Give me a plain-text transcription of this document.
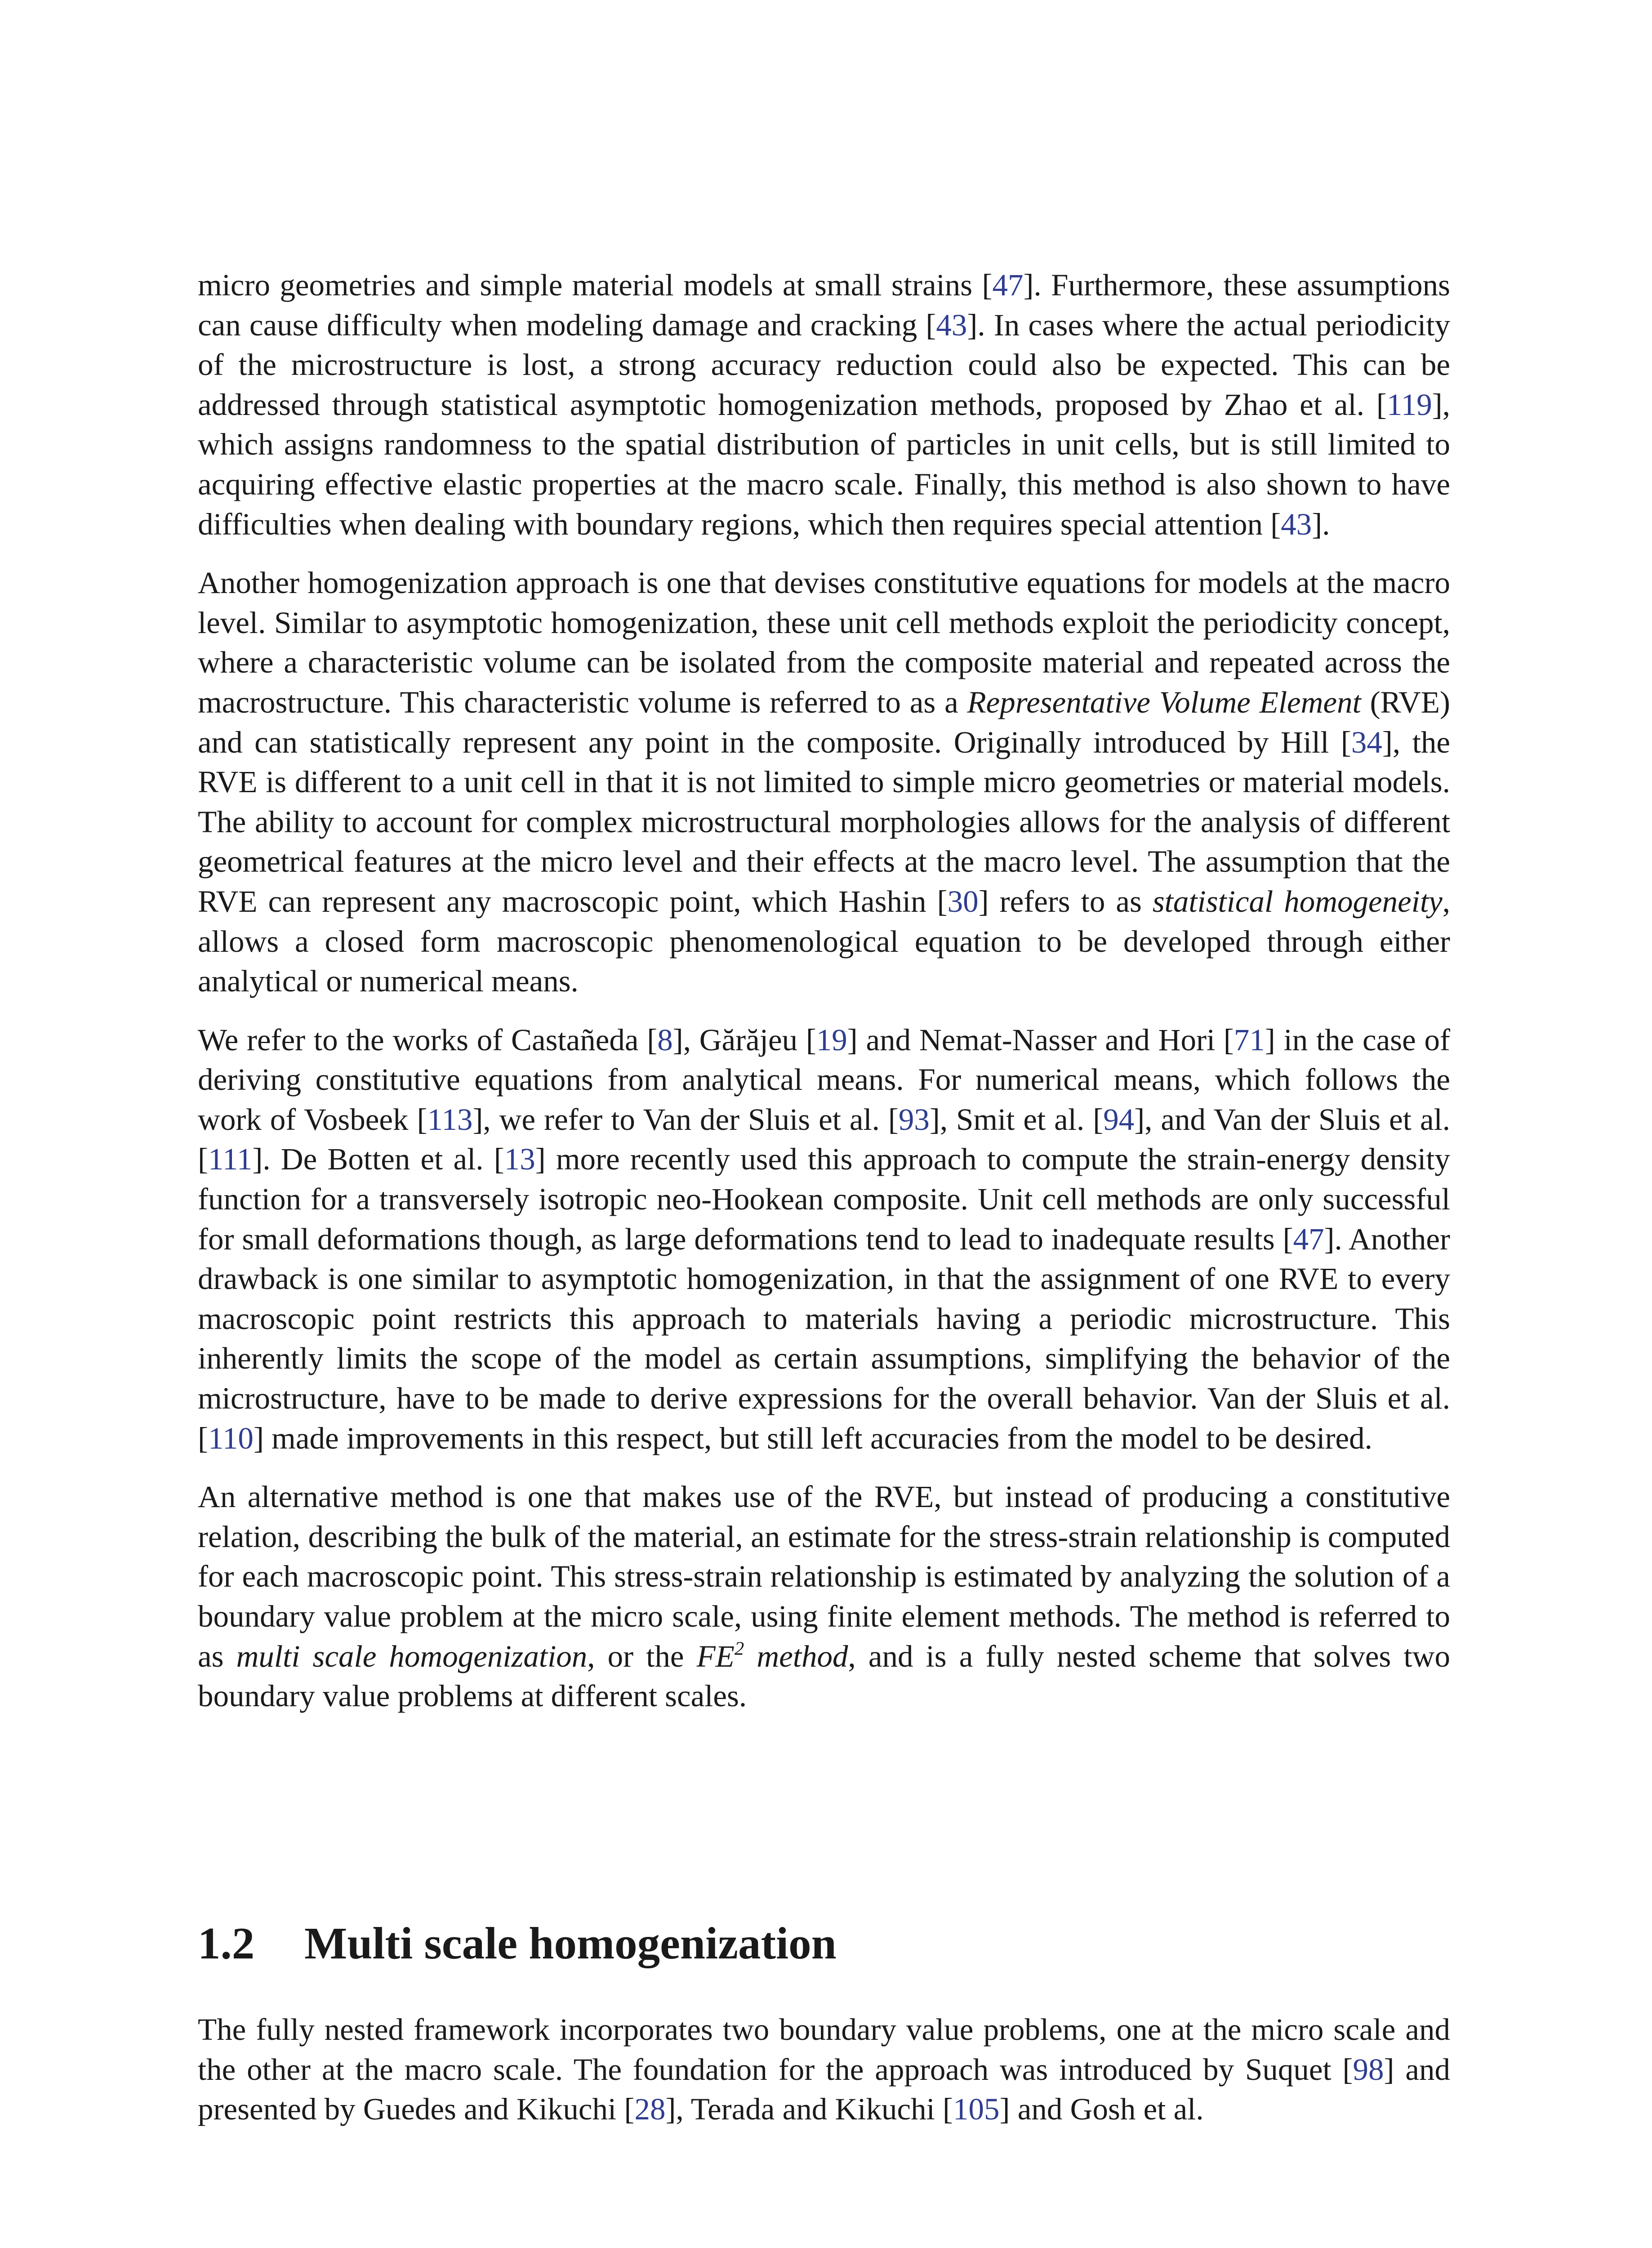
micro geometries and simple material models at small strains [47]. Furthermore, these assumptions can cause difficulty when modeling damage and cracking [43]. In cases where the actual periodicity of the microstructure is lost, a strong accuracy reduction could also be expected. This can be addressed through statistical asymptotic homogenization methods, proposed by Zhao et al. [119], which assigns randomness to the spatial distribution of particles in unit cells, but is still limited to acquiring effective elastic properties at the macro scale. Finally, this method is also shown to have difficulties when dealing with boundary regions, which then requires special attention [43].

Another homogenization approach is one that devises constitutive equations for models at the macro level. Similar to asymptotic homogenization, these unit cell methods exploit the periodicity concept, where a characteristic volume can be isolated from the composite material and repeated across the macrostructure. This characteristic volume is referred to as a Representative Volume Element (RVE) and can statistically represent any point in the composite. Originally introduced by Hill [34], the RVE is different to a unit cell in that it is not limited to simple micro geometries or material models. The ability to account for complex microstructural morphologies allows for the analysis of different geometrical features at the micro level and their effects at the macro level. The assumption that the RVE can represent any macroscopic point, which Hashin [30] refers to as statistical homogeneity, allows a closed form macroscopic phenomenological equation to be developed through either analytical or numerical means.

We refer to the works of Castañeda [8], Gărăjeu [19] and Nemat-Nasser and Hori [71] in the case of deriving constitutive equations from analytical means. For numerical means, which follows the work of Vosbeek [113], we refer to Van der Sluis et al. [93], Smit et al. [94], and Van der Sluis et al. [111]. De Botten et al. [13] more recently used this approach to compute the strain-energy density function for a transversely isotropic neo-Hookean composite. Unit cell methods are only successful for small deformations though, as large deformations tend to lead to inadequate results [47]. Another drawback is one similar to asymptotic homogenization, in that the assignment of one RVE to every macroscopic point restricts this approach to materials having a periodic microstructure. This inherently limits the scope of the model as certain assumptions, simplifying the behavior of the microstructure, have to be made to derive expressions for the overall behavior. Van der Sluis et al. [110] made improvements in this respect, but still left accuracies from the model to be desired.

An alternative method is one that makes use of the RVE, but instead of producing a constitutive relation, describing the bulk of the material, an estimate for the stress-strain relationship is computed for each macroscopic point. This stress-strain relationship is estimated by analyzing the solution of a boundary value problem at the micro scale, using finite element methods. The method is referred to as multi scale homogenization, or the $FE^2$ method, and is a fully nested scheme that solves two boundary value problems at different scales.

1.2 Multi scale homogenization

The fully nested framework incorporates two boundary value problems, one at the micro scale and the other at the macro scale. The foundation for the approach was introduced by Suquet [98] and presented by Guedes and Kikuchi [28], Terada and Kikuchi [105] and Gosh et al.
